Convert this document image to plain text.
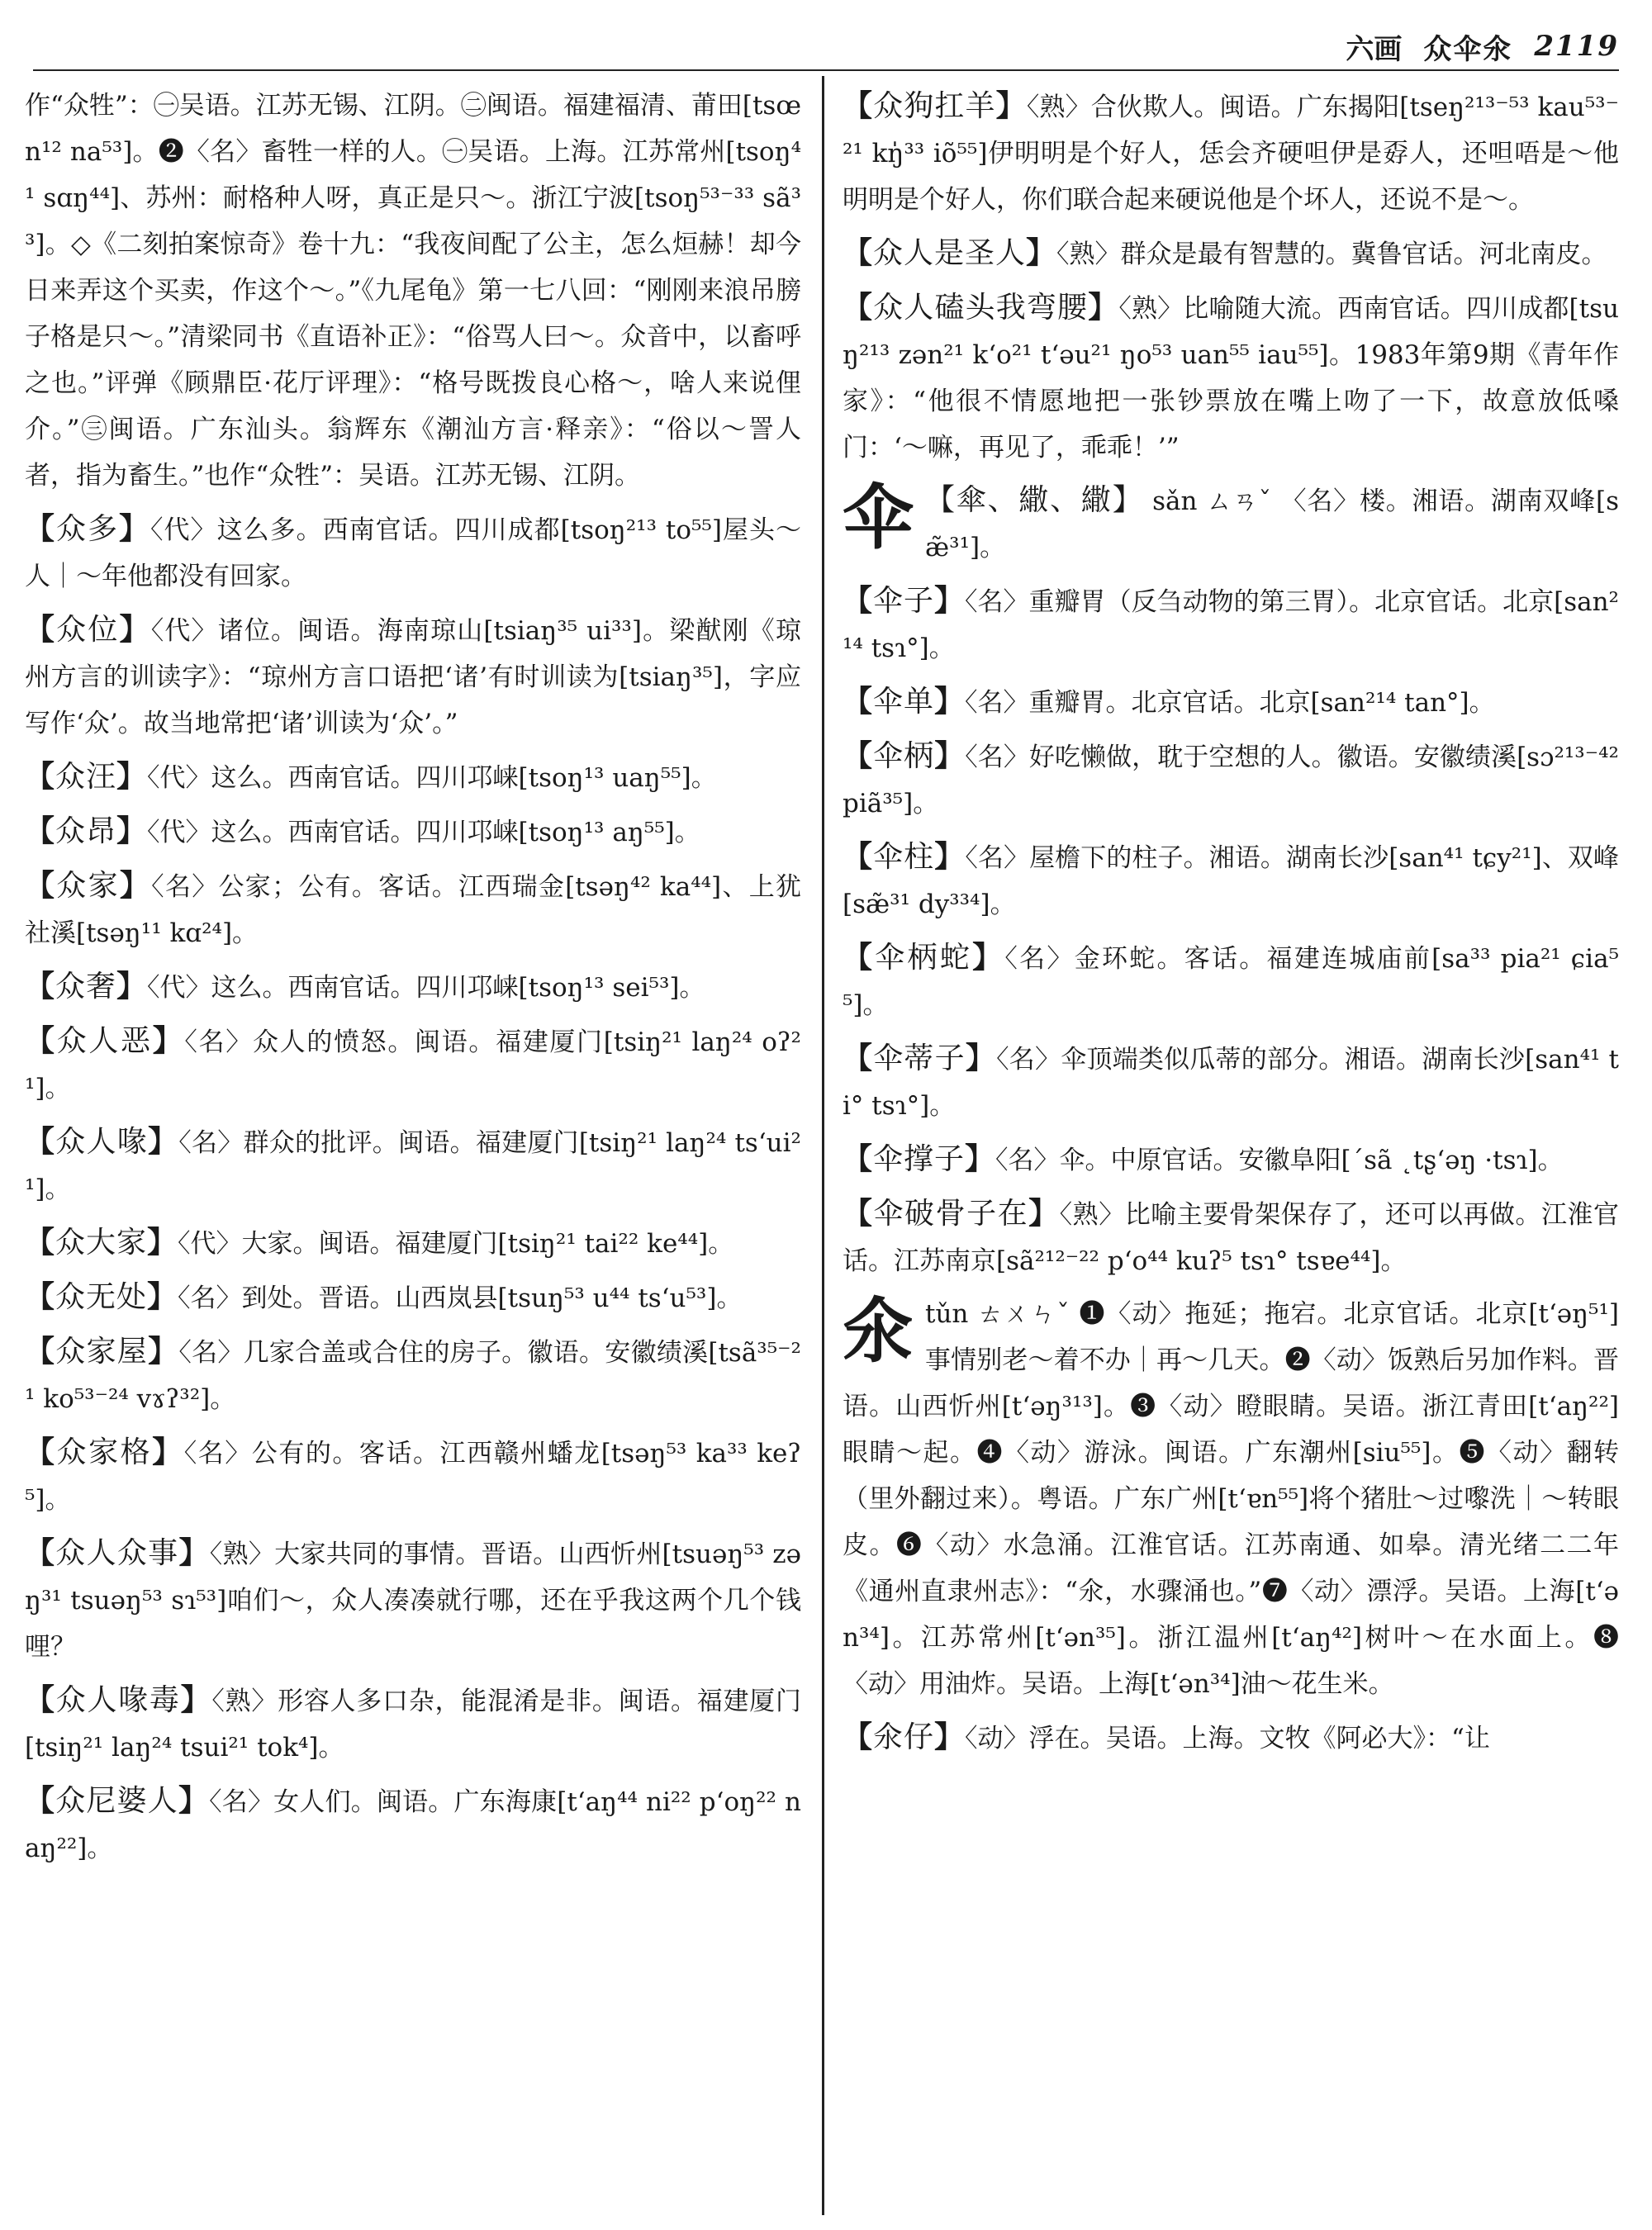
六画 众伞氽 2119
作“众牲”：㊀吴语。江苏无锡、江阴。㊁闽语。福建福清、莆田[tsœn¹² na⁵³]。❷〈名〉畜牲一样的人。㊀吴语。上海。江苏常州[tsoŋ⁴¹ sɑŋ⁴⁴]、苏州：耐格种人呀，真正是只～。浙江宁波[tsoŋ⁵³⁻³³ sã³³]。◇《二刻拍案惊奇》卷十九：“我夜间配了公主，怎么烜赫！却今日来弄这个买卖，作这个～。”《九尾龟》第一七八回：“刚刚来浪吊膀子格是只～。”清梁同书《直语补正》：“俗骂人曰～。众音中，以畜呼之也。”评弹《顾鼎臣·花厅评理》：“格号既拨良心格～，啥人来说俚介。”㊂闽语。广东汕头。翁辉东《潮汕方言·释亲》：“俗以～詈人者，指为畜生。”也作“众牲”：吴语。江苏无锡、江阴。
【众多】〈代〉这么多。西南官话。四川成都[tsoŋ²¹³ to⁵⁵]屋头～人｜～年他都没有回家。
【众位】〈代〉诸位。闽语。海南琼山[tsiaŋ³⁵ ui³³]。梁猷刚《琼州方言的训读字》：“琼州方言口语把‘诸’有时训读为[tsiaŋ³⁵]，字应写作‘众’。故当地常把‘诸’训读为‘众’。”
【众汪】〈代〉这么。西南官话。四川邛崃[tsoŋ¹³ uaŋ⁵⁵]。
【众昂】〈代〉这么。西南官话。四川邛崃[tsoŋ¹³ aŋ⁵⁵]。
【众家】〈名〉公家；公有。客话。江西瑞金[tsəŋ⁴² ka⁴⁴]、上犹社溪[tsəŋ¹¹ kɑ²⁴]。
【众奢】〈代〉这么。西南官话。四川邛崃[tsoŋ¹³ sei⁵³]。
【众人恶】〈名〉众人的愤怒。闽语。福建厦门[tsiŋ²¹ laŋ²⁴ oʔ²¹]。
【众人喙】〈名〉群众的批评。闽语。福建厦门[tsiŋ²¹ laŋ²⁴ tsʻui²¹]。
【众大家】〈代〉大家。闽语。福建厦门[tsiŋ²¹ tai²² ke⁴⁴]。
【众无处】〈名〉到处。晋语。山西岚县[tsuŋ⁵³ u⁴⁴ tsʻu⁵³]。
【众家屋】〈名〉几家合盖或合住的房子。徽语。安徽绩溪[tsã³⁵⁻²¹ ko⁵³⁻²⁴ vɤʔ³²]。
【众家格】〈名〉公有的。客话。江西赣州蟠龙[tsəŋ⁵³ ka³³ keʔ⁵]。
【众人众事】〈熟〉大家共同的事情。晋语。山西忻州[tsuəŋ⁵³ zəŋ³¹ tsuəŋ⁵³ sɿ⁵³]咱们～，众人凑凑就行哪，还在乎我这两个几个钱哩？
【众人喙毒】〈熟〉形容人多口杂，能混淆是非。闽语。福建厦门[tsiŋ²¹ laŋ²⁴ tsui²¹ tok⁴]。
【众尼婆人】〈名〉女人们。闽语。广东海康[tʻaŋ⁴⁴ ni²² pʻoŋ²² naŋ²²]。
【众狗扛羊】〈熟〉合伙欺人。闽语。广东揭阳[tseŋ²¹³⁻⁵³ kau⁵³⁻²¹ kŋ̍³³ iõ⁵⁵]伊明明是个好人，恁会齐硬呾伊是孬人，还呾唔是～他明明是个好人，你们联合起来硬说他是个坏人，还说不是～。
【众人是圣人】〈熟〉群众是最有智慧的。冀鲁官话。河北南皮。
【众人磕头我弯腰】〈熟〉比喻随大流。西南官话。四川成都[tsuŋ²¹³ zən²¹ kʻo²¹ tʻəu²¹ ŋo⁵³ uan⁵⁵ iau⁵⁵]。1983年第9期《青年作家》：“他很不情愿地把一张钞票放在嘴上吻了一下，故意放低嗓门：‘～嘛，再见了，乖乖！’”
伞 【傘、繖、繖】 sǎn ㄙㄢˇ 〈名〉楼。湘语。湖南双峰[sæ̃³¹]。
【伞子】〈名〉重瓣胃（反刍动物的第三胃）。北京官话。北京[san²¹⁴ tsɿ°]。
【伞单】〈名〉重瓣胃。北京官话。北京[san²¹⁴ tan°]。
【伞柄】〈名〉好吃懒做，耽于空想的人。徽语。安徽绩溪[sɔ²¹³⁻⁴² piã³⁵]。
【伞柱】〈名〉屋檐下的柱子。湘语。湖南长沙[san⁴¹ tɕy²¹]、双峰[sæ̃³¹ dy³³⁴]。
【伞柄蛇】〈名〉金环蛇。客话。福建连城庙前[sa³³ pia²¹ ɕia⁵⁵]。
【伞蒂子】〈名〉伞顶端类似瓜蒂的部分。湘语。湖南长沙[san⁴¹ ti° tsɿ°]。
【伞撑子】〈名〉伞。中原官话。安徽阜阳[ˊsã ˛tʂʻəŋ ·tsɿ]。
【伞破骨子在】〈熟〉比喻主要骨架保存了，还可以再做。江淮官话。江苏南京[sã²¹²⁻²² pʻo⁴⁴ kuʔ⁵ tsɿ° tsɐe⁴⁴]。
氽 tǔn ㄊㄨㄣˇ ❶〈动〉拖延；拖宕。北京官话。北京[tʻəŋ⁵¹]事情别老～着不办｜再～几天。❷〈动〉饭熟后另加作料。晋语。山西忻州[tʻəŋ³¹³]。❸〈动〉瞪眼睛。吴语。浙江青田[tʻaŋ²²]眼睛～起。❹〈动〉游泳。闽语。广东潮州[siu⁵⁵]。❺〈动〉翻转（里外翻过来）。粤语。广东广州[tʻɐn⁵⁵]将个猪肚～过嚟洗｜～转眼皮。❻〈动〉水急涌。江淮官话。江苏南通、如皋。清光绪二二年《通州直隶州志》：“氽，水骤涌也。”❼〈动〉漂浮。吴语。上海[tʻən³⁴]。江苏常州[tʻən³⁵]。浙江温州[tʻaŋ⁴²]树叶～在水面上。❽〈动〉用油炸。吴语。上海[tʻən³⁴]油～花生米。
【氽仔】〈动〉浮在。吴语。上海。文牧《阿必大》：“让
